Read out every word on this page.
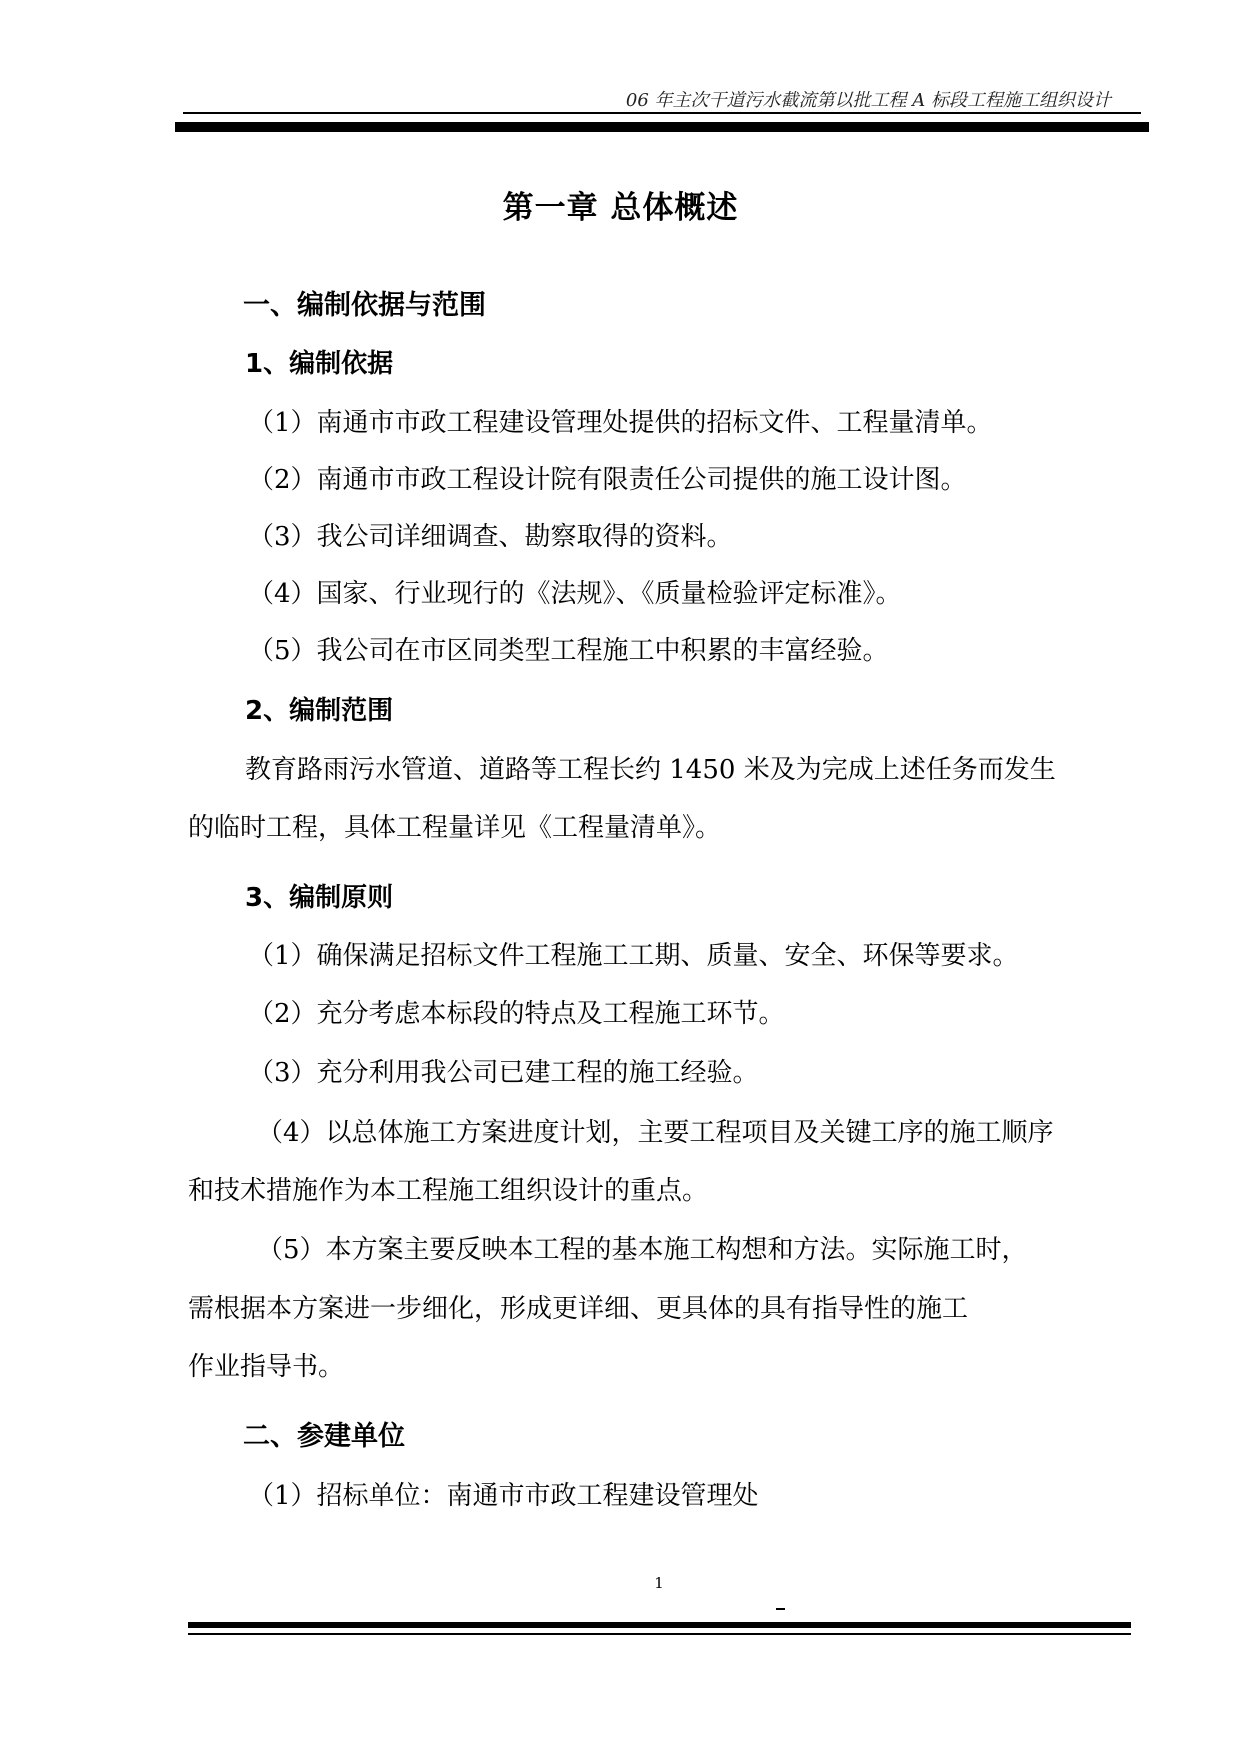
06 年主次干道污水截流第以批工程 A 标段工程施工组织设计
第一章 总体概述
一、编制依据与范围
1、编制依据
（1）南通市市政工程建设管理处提供的招标文件、工程量清单。
（2）南通市市政工程设计院有限责任公司提供的施工设计图。
（3）我公司详细调查、勘察取得的资料。
（4）国家、行业现行的《法规》、《质量检验评定标准》。
（5）我公司在市区同类型工程施工中积累的丰富经验。
2、编制范围
教育路雨污水管道、道路等工程长约 1450 米及为完成上述任务而发生
的临时工程，具体工程量详见《工程量清单》。
3、编制原则
（1）确保满足招标文件工程施工工期、质量、安全、环保等要求。
（2）充分考虑本标段的特点及工程施工环节。
（3）充分利用我公司已建工程的施工经验。
（4）以总体施工方案进度计划，主要工程项目及关键工序的施工顺序
和技术措施作为本工程施工组织设计的重点。
（5）本方案主要反映本工程的基本施工构想和方法。实际施工时，
需根据本方案进一步细化，形成更详细、更具体的具有指导性的施工
作业指导书。
二、参建单位
（1）招标单位：南通市市政工程建设管理处
1
